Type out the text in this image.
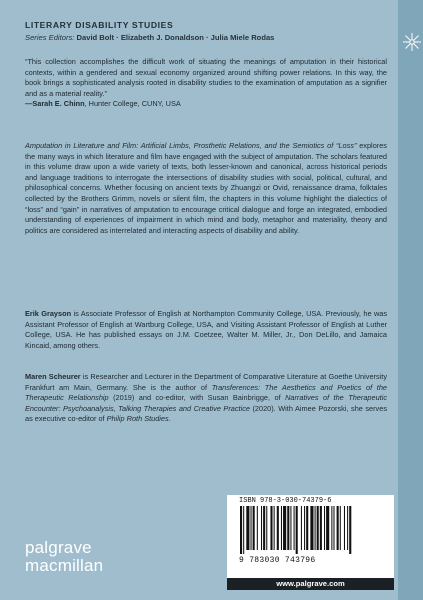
LITERARY DISABILITY STUDIES
Series Editors: David Bolt · Elizabeth J. Donaldson · Julia Miele Rodas
“This collection accomplishes the difficult work of situating the meanings of amputation in their historical contexts, within a gendered and sexual economy organized around shifting power relations. In this way, the book brings a sophisticated analysis rooted in disability studies to the examination of amputation as a signifier and as a material reality.”
—Sarah E. Chinn, Hunter College, CUNY, USA
Amputation in Literature and Film: Artificial Limbs, Prosthetic Relations, and the Semiotics of “Loss” explores the many ways in which literature and film have engaged with the subject of amputation. The scholars featured in this volume draw upon a wide variety of texts, both lesser-known and canonical, across historical periods and language traditions to interrogate the intersections of disability studies with social, political, cultural, and philosophical concerns. Whether focusing on ancient texts by Zhuangzi or Ovid, renaissance drama, folktales collected by the Brothers Grimm, novels or silent film, the chapters in this volume highlight the dialectics of “loss” and “gain” in narratives of amputation to encourage critical dialogue and forge an integrated, embodied understanding of experiences of impairment in which mind and body, metaphor and materiality, theory and politics are considered as interrelated and interacting aspects of disability and ability.
Erik Grayson is Associate Professor of English at Northampton Community College, USA. Previously, he was Assistant Professor of English at Wartburg College, USA, and Visiting Assistant Professor of English at Luther College, USA. He has published essays on J.M. Coetzee, Walter M. Miller, Jr., Don DeLillo, and Jamaica Kincaid, among others.
Maren Scheurer is Researcher and Lecturer in the Department of Comparative Literature at Goethe University Frankfurt am Main, Germany. She is the author of Transferences: The Aesthetics and Poetics of the Therapeutic Relationship (2019) and co-editor, with Susan Bainbrigge, of Narratives of the Therapeutic Encounter: Psychoanalysis, Talking Therapies and Creative Practice (2020). With Aimee Pozorski, she serves as executive co-editor of Philip Roth Studies.
ISBN 978-3-030-74379-6
9 783030 743796
www.palgrave.com
palgrave
macmillan
